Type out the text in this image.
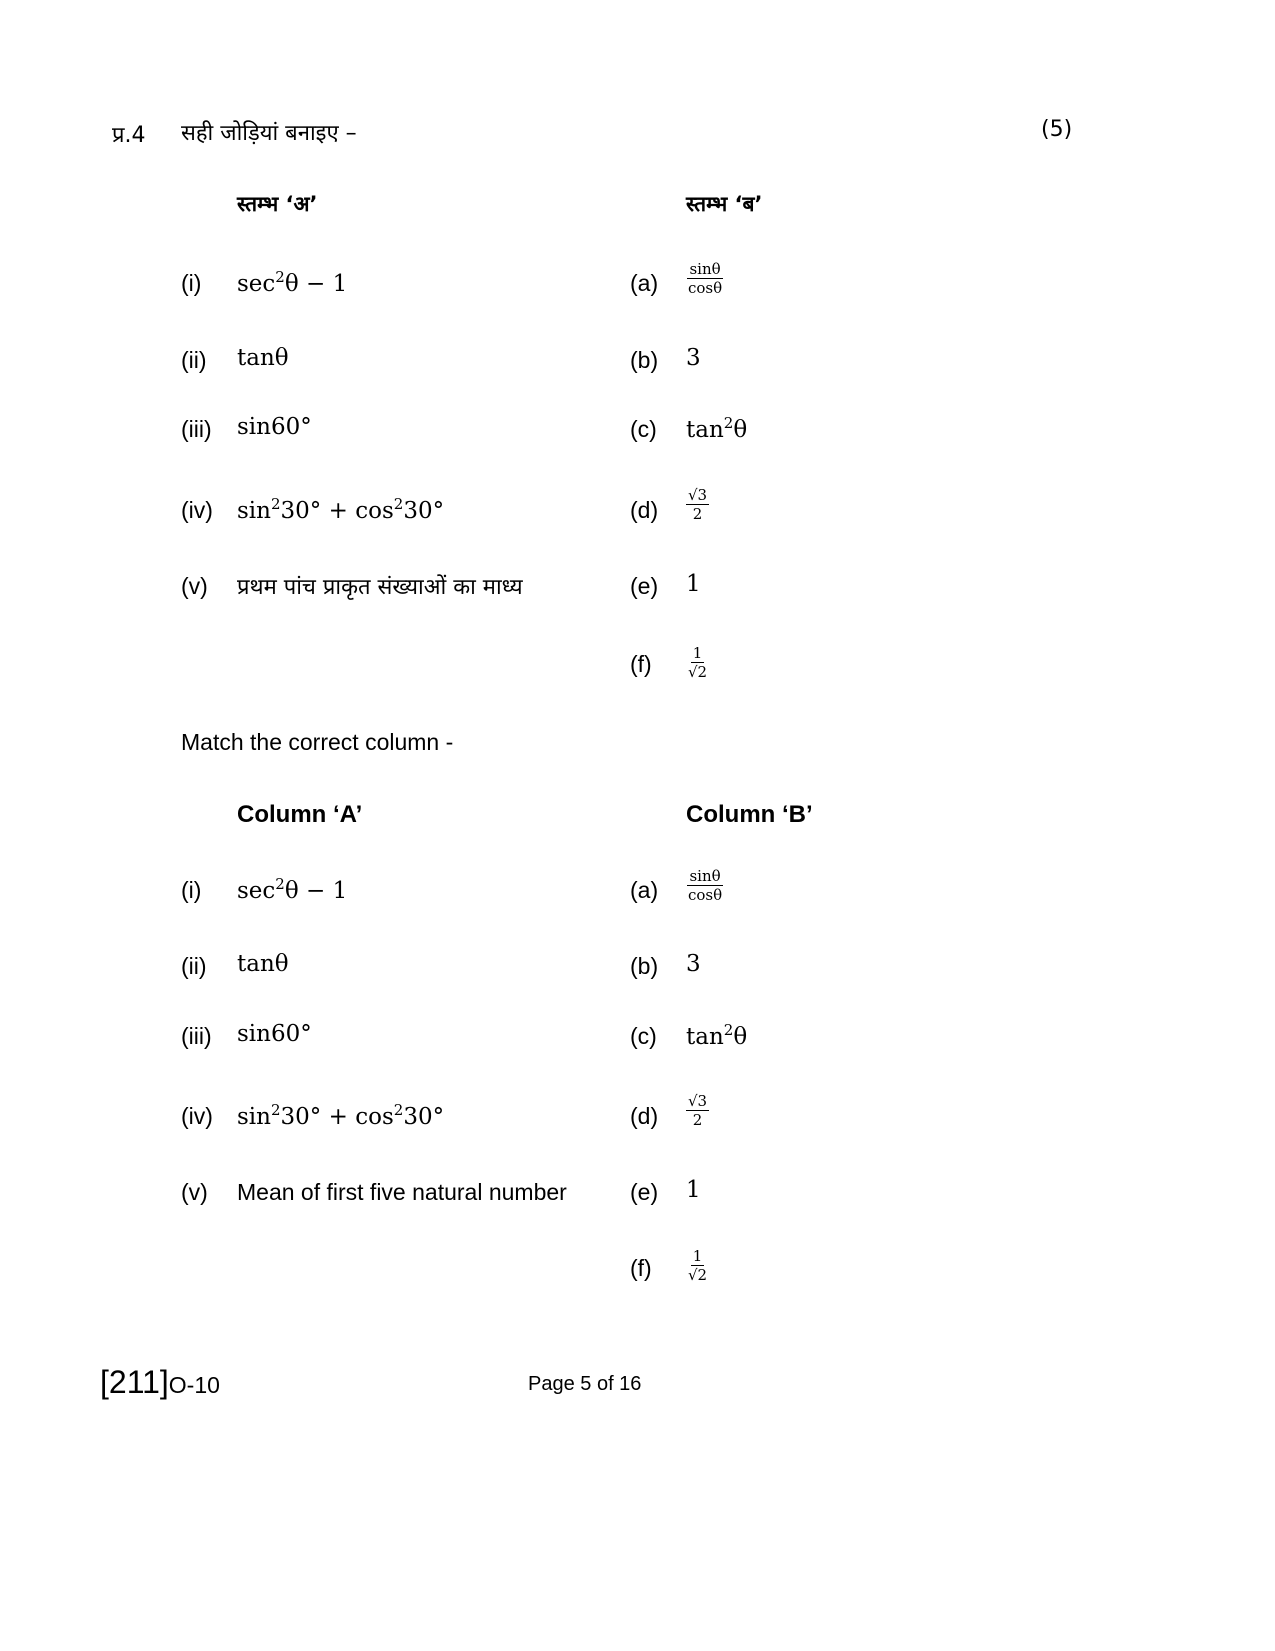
प्र.4 सही जोड़ियां बनाइए –	(5)
स्तम्भ ‘अ’	स्तम्भ ‘ब’
(i) $\sec^2\theta - 1$	$(a) \frac{\sin\theta}{\cos\theta}$
(ii) tanθ	(b) 3
(iii) sin60°	(c) $\tan^2\theta$
(iv) $\sin^230^\circ + \cos^230^\circ$	$(d) \frac{√3}{2}$
(v) प्रथम पांच प्राकृत संख्याओं का माध्य	(e) 1
$(f) \frac{1}{√2}$
Match the correct column -
Column ‘A’	Column ‘B’
(i) $\sec^2\theta - 1$	$(a) \frac{\sin\theta}{\cos\theta}$
(ii) tanθ	(b) 3
(iii) sin60°	(c) $\tan^2\theta$
(iv) $\sin^230^\circ + \cos^230^\circ$	$(d) \frac{√3}{2}$
(v) Mean of first five natural number	(e) 1
$(f) \frac{1}{√2}$
[211]O-10	Page 5 of 16
